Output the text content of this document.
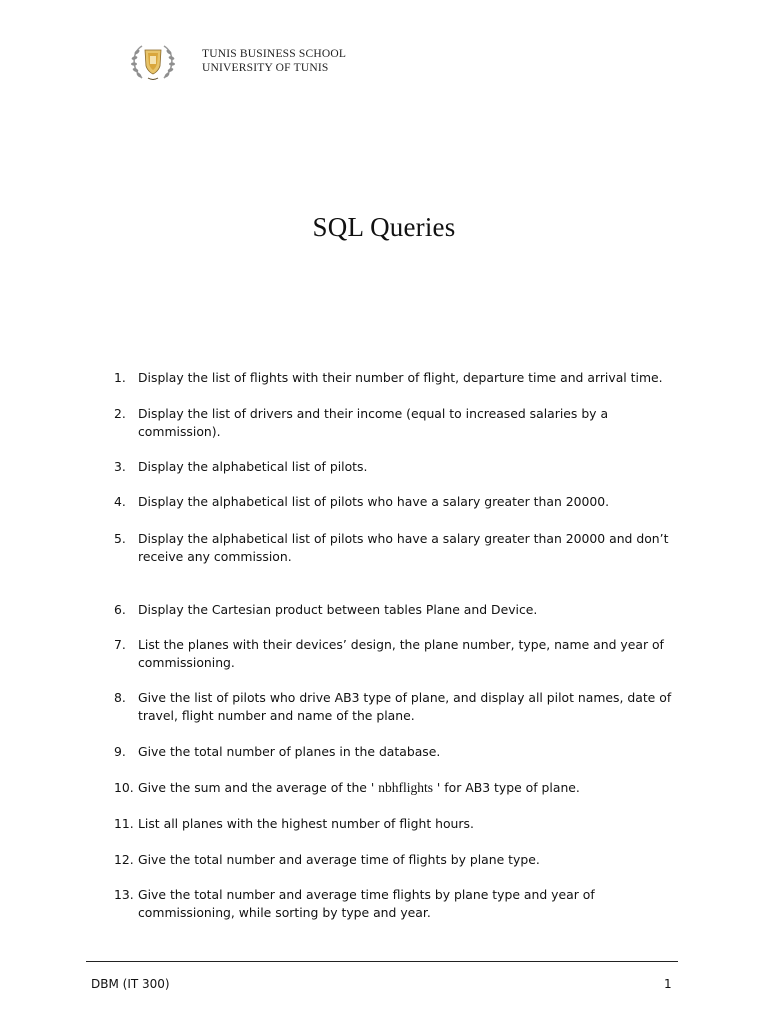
TUNIS BUSINESS SCHOOL
UNIVERSITY OF TUNIS
SQL Queries
1. Display the list of flights with their number of flight, departure time and arrival time.
2. Display the list of drivers and their income (equal to increased salaries by a commission).
3. Display the alphabetical list of pilots.
4. Display the alphabetical list of pilots who have a salary greater than 20000.
5. Display the alphabetical list of pilots who have a salary greater than 20000 and don’t receive any commission.
6. Display the Cartesian product between tables Plane and Device.
7. List the planes with their devices’ design, the plane number, type, name and year of commissioning.
8. Give the list of pilots who drive AB3 type of plane, and display all pilot names, date of travel, flight number and name of the plane.
9. Give the total number of planes in the database.
10. Give the sum and the average of the ' nbhflights ' for AB3 type of plane.
11. List all planes with the highest number of flight hours.
12. Give the total number and average time of flights by plane type.
13. Give the total number and average time flights by plane type and year of commissioning, while sorting by type and year.
DBM (IT 300)	1
